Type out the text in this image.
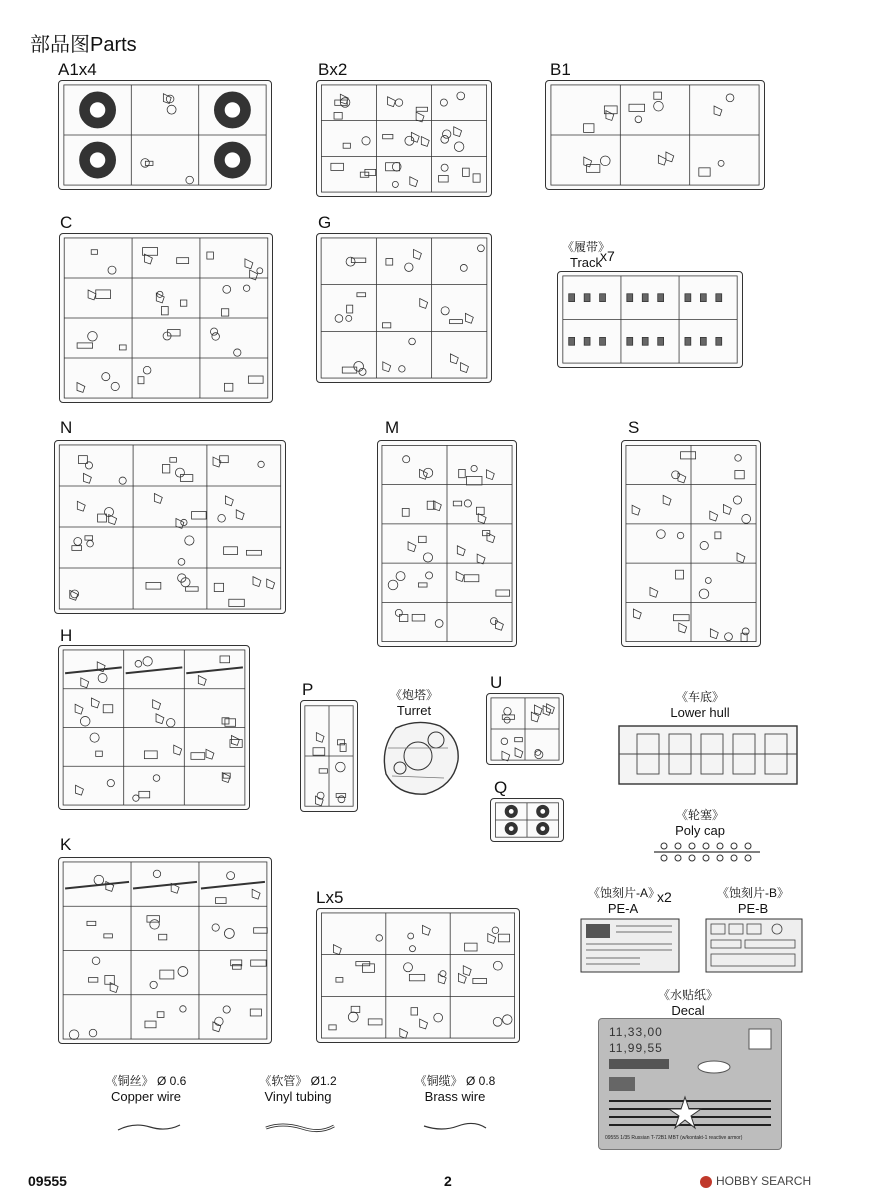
部品图Parts
A1x4	Bx2	B1
C	G
N	M	S
H
P	U
Q
K
Lx5
《履带》
Track
x7
《炮塔》
Turret
《车底》
Lower hull
《轮塞》
Poly cap
《蚀刻片-A》
PE-A
x2	《蚀刻片-B》
PE-B
《水贴纸》
Decal
11,33,00
11,99,55
09555 1/35 Russian T-72B1 MBT (w/kontakt-1 reactive armor)
《铜丝》 Ø 0.6
Copper wire
《软管》 Ø1.2
Vinyl tubing
《铜缆》 Ø 0.8
Brass wire
09555	2	HOBBY SEARCH
